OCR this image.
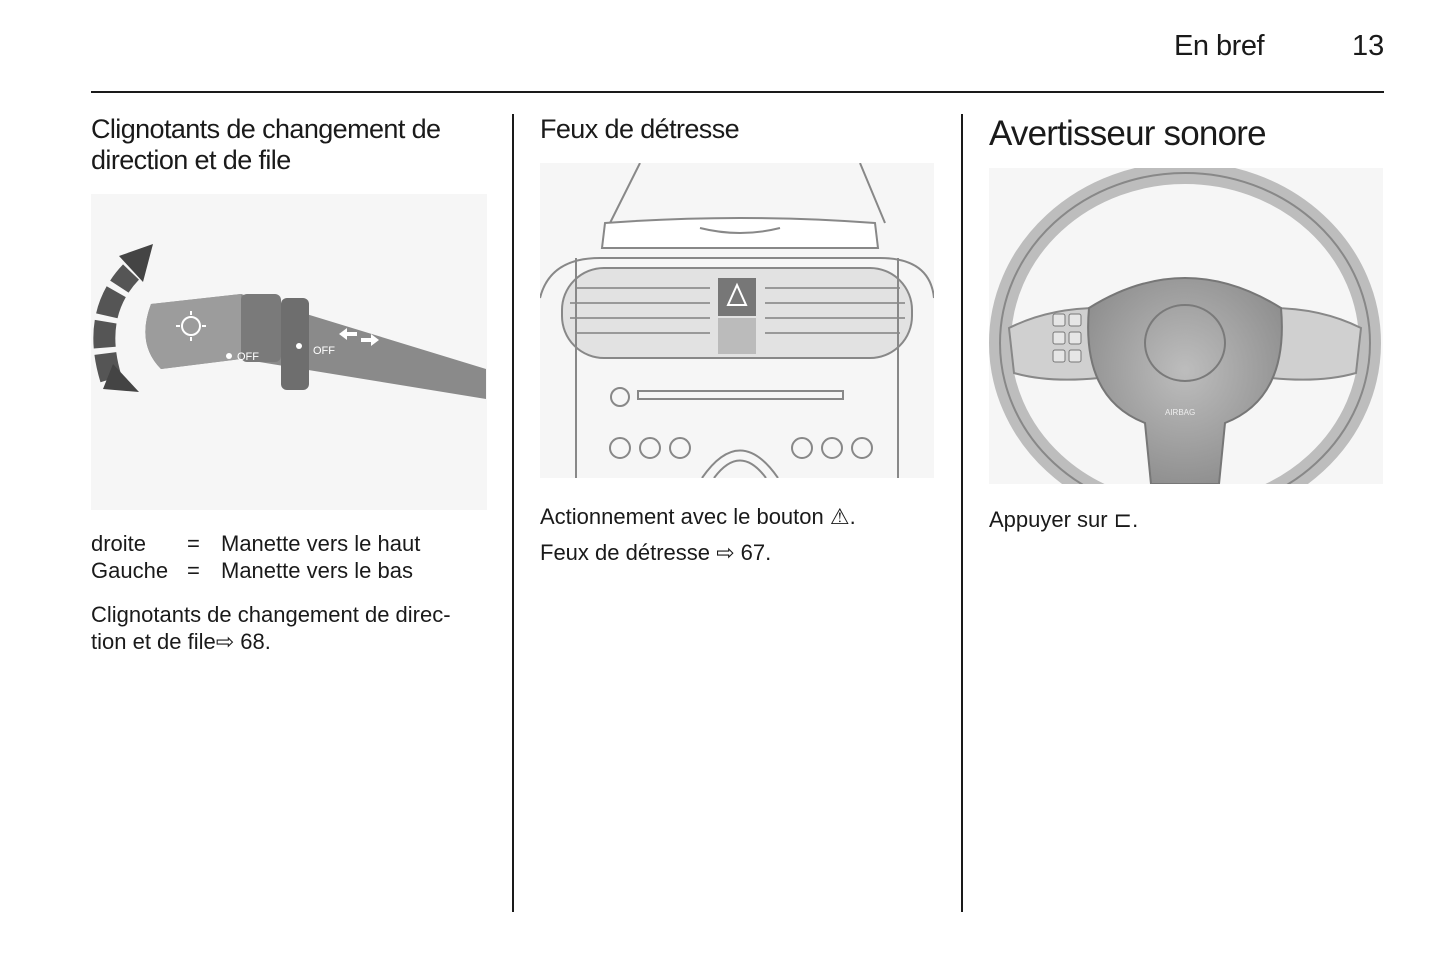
En bref	13
Clignotants de changement de
direction et de file
OFF	OFF
droite	= Manette vers le haut
Gauche = Manette vers le bas
Clignotants de changement de direc-
tion et de file⇨ 68.
Feux de détresse
Actionnement avec le bouton ⚠.
Feux de détresse ⇨ 67.
Avertisseur sonore
AIRBAG
Appuyer sur ⊏.
